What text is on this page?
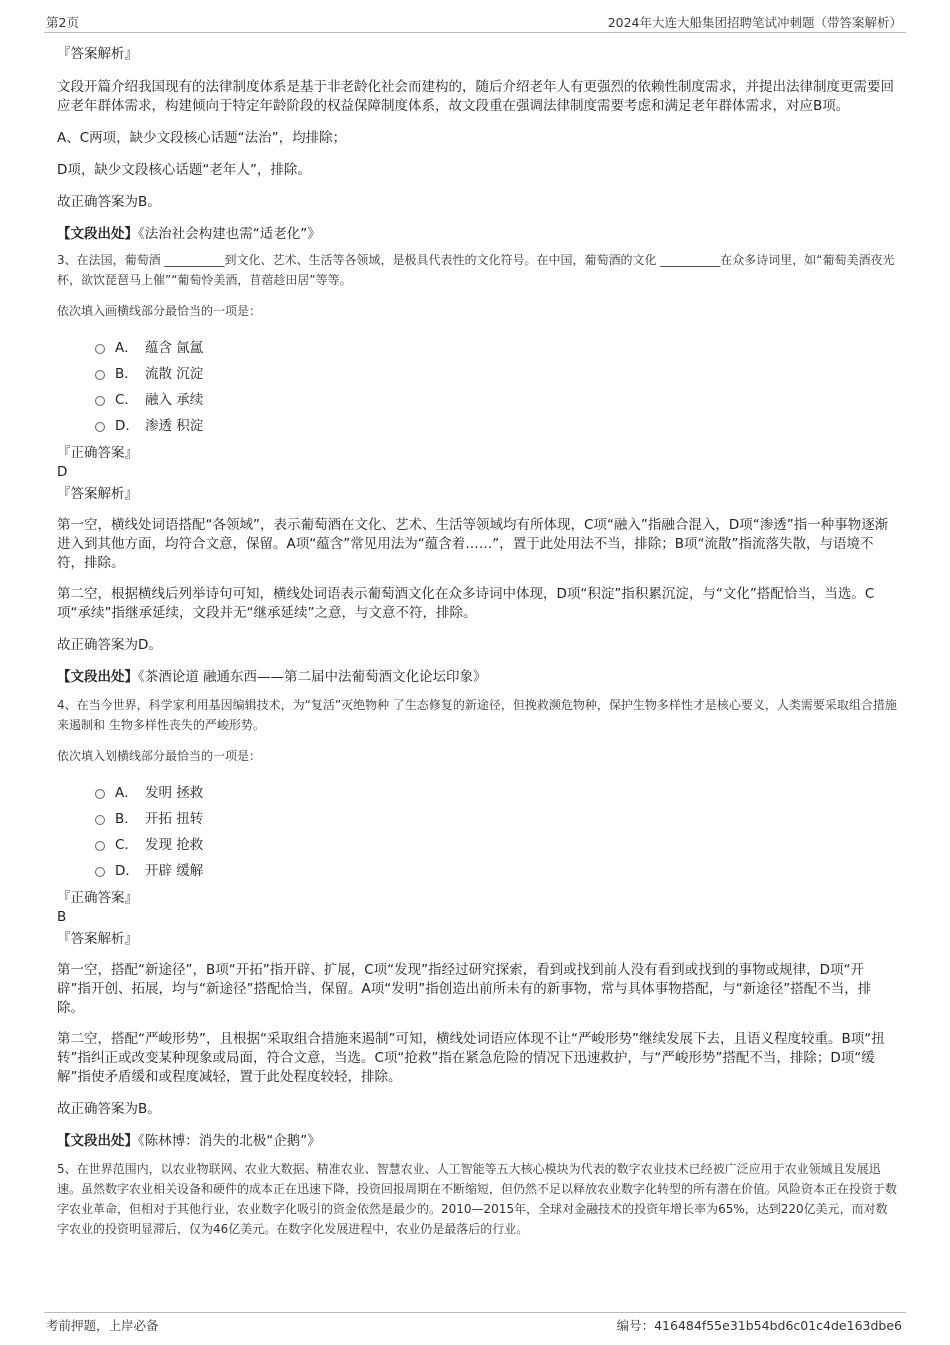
第2页	2024年大连大船集团招聘笔试冲刺题（带答案解析）

『答案解析』

文段开篇介绍我国现有的法律制度体系是基于非老龄化社会而建构的，随后介绍老年人有更强烈的依赖性制度需求，并提出法律制度更需要回应老年群体需求，构建倾向于特定年龄阶段的权益保障制度体系，故文段重在强调法律制度需要考虑和满足老年群体需求，对应B项。

A、C两项，缺少文段核心话题“法治”，均排除；

D项，缺少文段核心话题“老年人”，排除。

故正确答案为B。

【文段出处】《法治社会构建也需“适老化”》

3、在法国，葡萄酒 __________到文化、艺术、生活等各领域，是极具代表性的文化符号。在中国，葡萄酒的文化 __________在众多诗词里，如“葡萄美酒夜光杯，欲饮琵琶马上催”“葡萄怜美酒，苜蓿趁田居”等等。

依次填入画横线部分最恰当的一项是：

A． 蕴含 氤氲
B． 流散 沉淀
C． 融入 承续
D． 渗透 积淀

『正确答案』

D

『答案解析』

第一空，横线处词语搭配“各领域”，表示葡萄酒在文化、艺术、生活等领域均有所体现，C项“融入”指融合混入，D项“渗透”指一种事物逐渐进入到其他方面，均符合文意，保留。A项“蕴含”常见用法为“蕴含着……”，置于此处用法不当，排除；B项“流散”指流落失散，与语境不符，排除。

第二空，根据横线后列举诗句可知，横线处词语表示葡萄酒文化在众多诗词中体现，D项“积淀”指积累沉淀，与“文化”搭配恰当，当选。C项“承续”指继承延续，文段并无“继承延续”之意，与文意不符，排除。

故正确答案为D。

【文段出处】《茶酒论道 融通东西——第二届中法葡萄酒文化论坛印象》

4、在当今世界，科学家利用基因编辑技术，为“复活”灭绝物种 了生态修复的新途径，但挽救濒危物种，保护生物多样性才是核心要义，人类需要采取组合措施来遏制和 生物多样性丧失的严峻形势。

依次填入划横线部分最恰当的一项是：

A． 发明 拯救
B． 开拓 扭转
C． 发现 抢救
D． 开辟 缓解

『正确答案』

B

『答案解析』

第一空，搭配“新途径”，B项“开拓”指开辟、扩展，C项“发现”指经过研究探索，看到或找到前人没有看到或找到的事物或规律，D项“开辟”指开创、拓展，均与“新途径”搭配恰当，保留。A项“发明”指创造出前所未有的新事物，常与具体事物搭配，与“新途径”搭配不当，排除。

第二空，搭配“严峻形势”，且根据“采取组合措施来遏制”可知，横线处词语应体现不让“严峻形势”继续发展下去，且语义程度较重。B项“扭转”指纠正或改变某种现象或局面，符合文意，当选。C项“抢救”指在紧急危险的情况下迅速救护，与“严峻形势”搭配不当，排除；D项“缓解”指使矛盾缓和或程度减轻，置于此处程度较轻，排除。

故正确答案为B。

【文段出处】《陈林博：消失的北极“企鹅”》

5、在世界范围内，以农业物联网、农业大数据、精准农业、智慧农业、人工智能等五大核心模块为代表的数字农业技术已经被广泛应用于农业领域且发展迅速。虽然数字农业相关设备和硬件的成本正在迅速下降，投资回报周期在不断缩短，但仍然不足以释放农业数字化转型的所有潜在价值。风险资本正在投资于数字农业革命，但相对于其他行业，农业数字化吸引的资金依然是最少的。2010—2015年，全球对金融技术的投资年增长率为65%，达到220亿美元，而对数字农业的投资明显滞后，仅为46亿美元。在数字化发展进程中，农业仍是最落后的行业。

考前押题，上岸必备	编号：416484f55e31b54bd6c01c4de163dbe6
